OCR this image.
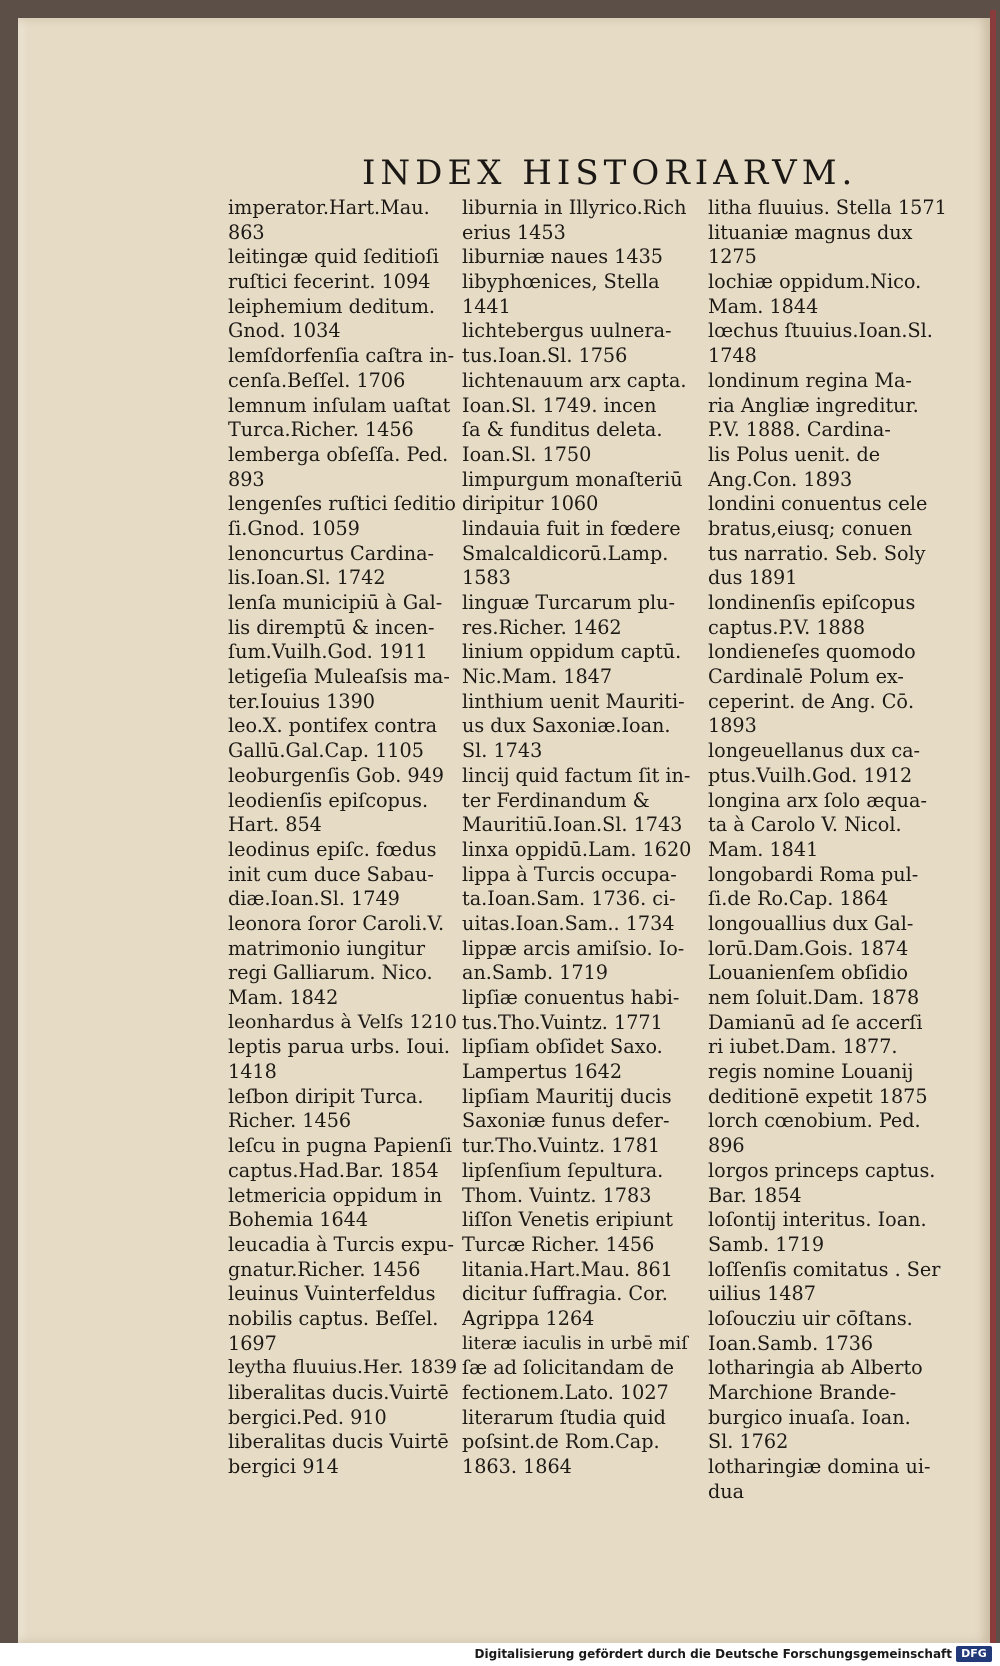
INDEX HISTORIARVM.
imperator.Hart.Mau.
863
leitingæ quid ſeditioſi
ruſtici fecerint. 1094
leiphemium deditum.
Gnod. 1034
lemſdorfenſia caſtra in-
cenſa.Beſſel. 1706
lemnum inſulam uaſtat
Turca.Richer. 1456
lemberga obſeſſa. Ped.
893
lengenſes ruſtici ſeditio
ſi.Gnod. 1059
lenoncurtus Cardina-
lis.Ioan.Sl. 1742
lenſa municipiū à Gal-
lis diremptū & incen-
ſum.Vuilh.God. 1911
letigeſia Muleaſsis ma-
ter.Iouius 1390
leo.X. pontifex contra
Gallū.Gal.Cap. 1105
leoburgenſis Gob. 949
leodienſis epiſcopus.
Hart. 854
leodinus epiſc. fœdus
init cum duce Sabau-
diæ.Ioan.Sl. 1749
leonora ſoror Caroli.V.
matrimonio iungitur
regi Galliarum. Nico.
Mam. 1842
leonhardus à Velſs 1210
leptis parua urbs. Ioui.
1418
leſbon diripit Turca.
Richer. 1456
leſcu in pugna Papienſi
captus.Had.Bar. 1854
letmericia oppidum in
Bohemia 1644
leucadia à Turcis expu-
gnatur.Richer. 1456
leuinus Vuinterfeldus
nobilis captus. Beſſel.
1697
leytha fluuius.Her. 1839
liberalitas ducis.Vuirtē
bergici.Ped. 910
liberalitas ducis Vuirtē
bergici 914
liburnia in Illyrico.Rich
erius 1453
liburniæ naues 1435
libyphœnices, Stella
1441
lichtebergus uulnera-
tus.Ioan.Sl. 1756
lichtenauum arx capta.
Ioan.Sl. 1749. incen
ſa & funditus deleta.
Ioan.Sl. 1750
limpurgum monaſteriū
diripitur 1060
lindauia fuit in fœdere
Smalcaldicorū.Lamp.
1583
linguæ Turcarum plu-
res.Richer. 1462
linium oppidum captū.
Nic.Mam. 1847
linthium uenit Mauriti-
us dux Saxoniæ.Ioan.
Sl. 1743
lincij quid factum ſit in-
ter Ferdinandum &
Mauritiū.Ioan.Sl. 1743
linxa oppidū.Lam. 1620
lippa à Turcis occupa-
ta.Ioan.Sam. 1736. ci-
uitas.Ioan.Sam.. 1734
lippæ arcis amiſsio. Io-
an.Samb. 1719
lipſiæ conuentus habi-
tus.Tho.Vuintz. 1771
lipſiam obſidet Saxo.
Lampertus 1642
lipſiam Mauritij ducis
Saxoniæ funus defer-
tur.Tho.Vuintz. 1781
lipſenſium ſepultura.
Thom. Vuintz. 1783
liſſon Venetis eripiunt
Turcæ Richer. 1456
litania.Hart.Mau. 861
dicitur ſuffragia. Cor.
Agrippa 1264
literæ iaculis in urbē miſ
ſæ ad ſolicitandam de
fectionem.Lato. 1027
literarum ſtudia quid
poſsint.de Rom.Cap.
1863. 1864
litha fluuius. Stella 1571
lituaniæ magnus dux
1275
lochiæ oppidum.Nico.
Mam. 1844
lœchus ſtuuius.Ioan.Sl.
1748
londinum regina Ma-
ria Angliæ ingreditur.
P.V. 1888. Cardina-
lis Polus uenit. de
Ang.Con. 1893
londini conuentus cele
bratus,eiusq; conuen
tus narratio. Seb. Soly
dus 1891
londinenſis epiſcopus
captus.P.V. 1888
londieneſes quomodo
Cardinalē Polum ex-
ceperint. de Ang. Cō.
1893
longeuellanus dux ca-
ptus.Vuilh.God. 1912
longina arx ſolo æqua-
ta à Carolo V. Nicol.
Mam. 1841
longobardi Roma pul-
ſi.de Ro.Cap. 1864
longouallius dux Gal-
lorū.Dam.Gois. 1874
Louanienſem obſidio
nem ſoluit.Dam. 1878
Damianū ad ſe accerſi
ri iubet.Dam. 1877.
regis nomine Louanij
deditionē expetit 1875
lorch cœnobium. Ped.
896
lorgos princeps captus.
Bar. 1854
loſontij interitus. Ioan.
Samb. 1719
loſſenſis comitatus . Ser
uilius 1487
loſoucziu uir cōſtans.
Ioan.Samb. 1736
lotharingia ab Alberto
Marchione Brande-
burgico inuaſa. Ioan.
Sl. 1762
lotharingiæ domina ui-
dua
Digitalisierung gefördert durch die Deutsche Forschungsgemeinschaft DFG
